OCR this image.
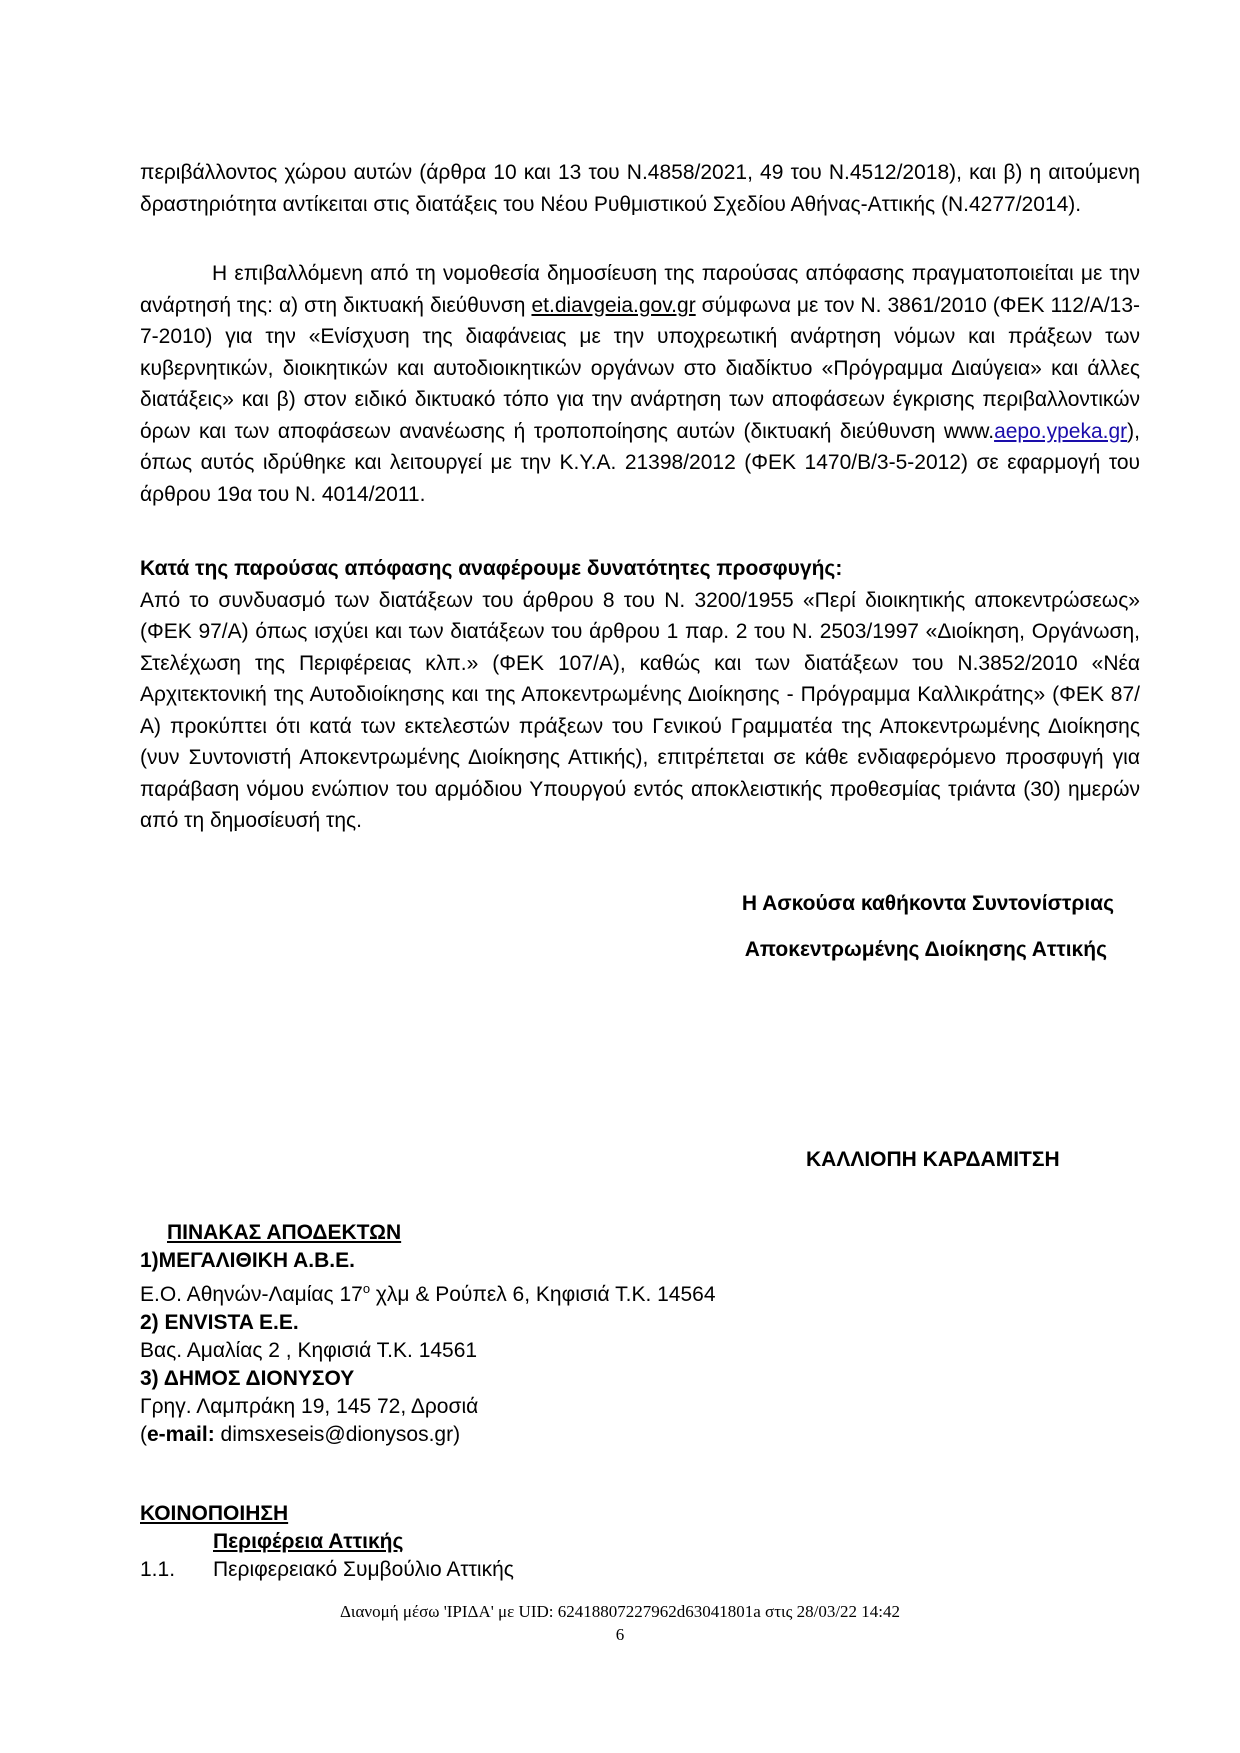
περιβάλλοντος χώρου αυτών (άρθρα 10 και 13 του Ν.4858/2021, 49 του Ν.4512/2018), και β) η αιτούμενη δραστηριότητα αντίκειται στις διατάξεις του Νέου Ρυθμιστικού Σχεδίου Αθήνας-Αττικής (Ν.4277/2014).
Η επιβαλλόμενη από τη νομοθεσία δημοσίευση της παρούσας απόφασης πραγματοποιείται με την ανάρτησή της: α) στη δικτυακή διεύθυνση et.diavgeia.gov.gr σύμφωνα με τον Ν. 3861/2010 (ΦΕΚ 112/Α/13-7-2010) για την «Ενίσχυση της διαφάνειας με την υποχρεωτική ανάρτηση νόμων και πράξεων των κυβερνητικών, διοικητικών και αυτοδιοικητικών οργάνων στο διαδίκτυο «Πρόγραμμα Διαύγεια» και άλλες διατάξεις» και β) στον ειδικό δικτυακό τόπο για την ανάρτηση των αποφάσεων έγκρισης περιβαλλοντικών όρων και των αποφάσεων ανανέωσης ή τροποποίησης αυτών (δικτυακή διεύθυνση www.aepo.ypeka.gr), όπως αυτός ιδρύθηκε και λειτουργεί με την Κ.Υ.Α. 21398/2012 (ΦΕΚ 1470/Β/3-5-2012) σε εφαρμογή του άρθρου 19α του Ν. 4014/2011.
Κατά της παρούσας απόφασης αναφέρουμε δυνατότητες προσφυγής:
Από το συνδυασμό των διατάξεων του άρθρου 8 του Ν. 3200/1955 «Περί διοικητικής αποκεντρώσεως» (ΦΕΚ 97/Α) όπως ισχύει και των διατάξεων του άρθρου 1 παρ. 2 του Ν. 2503/1997 «Διοίκηση, Οργάνωση, Στελέχωση της Περιφέρειας κλπ.» (ΦΕΚ 107/Α), καθώς και των διατάξεων του Ν.3852/2010 «Νέα Αρχιτεκτονική της Αυτοδιοίκησης και της Αποκεντρωμένης Διοίκησης - Πρόγραμμα Καλλικράτης» (ΦΕΚ 87/Α) προκύπτει ότι κατά των εκτελεστών πράξεων του Γενικού Γραμματέα της Αποκεντρωμένης Διοίκησης (νυν Συντονιστή Αποκεντρωμένης Διοίκησης Αττικής), επιτρέπεται σε κάθε ενδιαφερόμενο προσφυγή για παράβαση νόμου ενώπιον του αρμόδιου Υπουργού εντός αποκλειστικής προθεσμίας τριάντα (30) ημερών από τη δημοσίευσή της.
Η Ασκούσα καθήκοντα Συντονίστριας
Αποκεντρωμένης Διοίκησης Αττικής
ΚΑΛΛΙΟΠΗ ΚΑΡΔΑΜΙΤΣΗ
ΠΙΝΑΚΑΣ ΑΠΟΔΕΚΤΩΝ
1)ΜΕΓΑΛΙΘΙΚΗ Α.Β.Ε.
Ε.Ο. Αθηνών-Λαμίας $17^o$ χλμ & Ρούπελ 6, Κηφισιά Τ.Κ. 14564
2) ENVISTA E.E.
Βας. Αμαλίας 2 , Κηφισιά Τ.Κ. 14561
3) ΔΗΜΟΣ ΔΙΟΝΥΣΟΥ
Γρηγ. Λαμπράκη 19, 145 72, Δροσιά
(e-mail: dimsxeseis@dionysos.gr)
ΚΟΙΝΟΠΟΙΗΣΗ
Περιφέρεια Αττικής
1.1. Περιφερειακό Συμβούλιο Αττικής
Διανομή μέσω 'ΙΡΙΔΑ' με UID: 62418807227962d63041801a στις 28/03/22 14:42
6
